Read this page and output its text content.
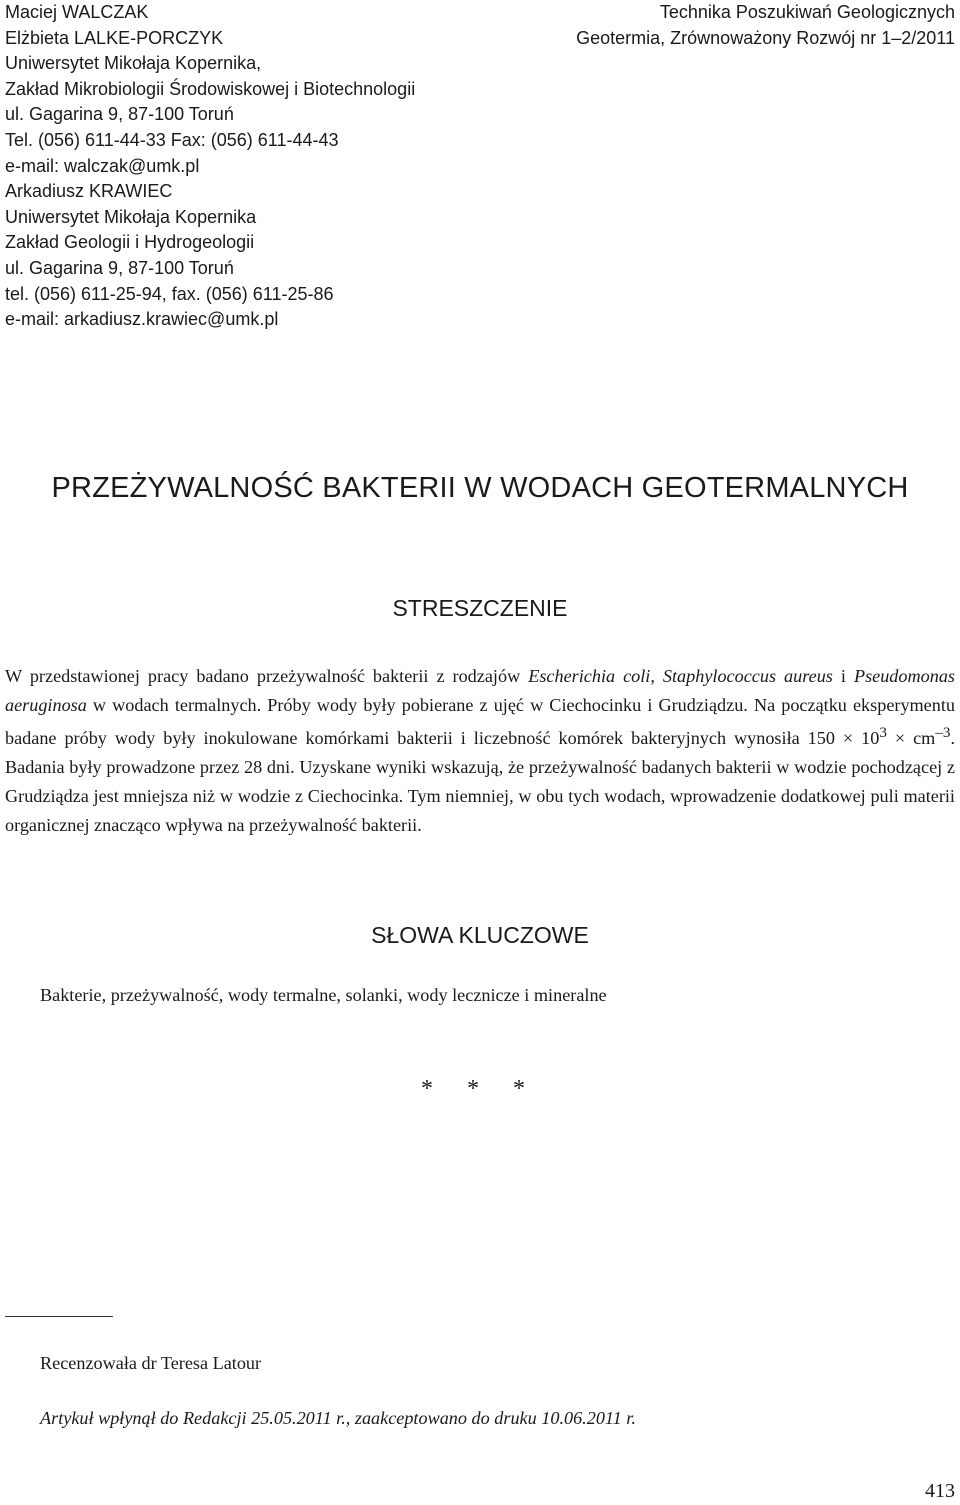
Maciej WALCZAK
Elżbieta LALKE-PORCZYK
Uniwersytet Mikołaja Kopernika,
Zakład Mikrobiologii Środowiskowej i Biotechnologii
ul. Gagarina 9, 87-100 Toruń
Tel. (056) 611-44-33 Fax: (056) 611-44-43
e-mail: walczak@umk.pl
Arkadiusz KRAWIEC
Uniwersytet Mikołaja Kopernika
Zakład Geologii i Hydrogeologii
ul. Gagarina 9, 87-100 Toruń
tel. (056) 611-25-94, fax. (056) 611-25-86
e-mail: arkadiusz.krawiec@umk.pl
Technika Poszukiwań Geologicznych
Geotermia, Zrównoważony Rozwój nr 1–2/2011
PRZEŻYWALNOŚĆ BAKTERII W WODACH GEOTERMALNYCH
STRESZCZENIE

W przedstawionej pracy badano przeżywalność bakterii z rodzajów Escherichia coli, Staphylococcus aureus i Pseudomonas aeruginosa w wodach termalnych. Próby wody były pobierane z ujęć w Ciechocinku i Grudziądzu. Na początku eksperymentu badane próby wody były inokulowane komórkami bakterii i liczebność komórek bakteryjnych wynosiła $150 \times 10^3 \times cm^{-3}$. Badania były prowadzone przez 28 dni. Uzyskane wyniki wskazują, że przeżywalność badanych bakterii w wodzie pochodzącej z Grudziądza jest mniejsza niż w wodzie z Ciechocinka. Tym niemniej, w obu tych wodach, wprowadzenie dodatkowej puli materii organicznej znacząco wpływa na przeżywalność bakterii.

SŁOWA KLUCZOWE
Bakterie, przeżywalność, wody termalne, solanki, wody lecznicze i mineralne
* * *
Recenzowała dr Teresa Latour
Artykuł wpłynął do Redakcji 25.05.2011 r., zaakceptowano do druku 10.06.2011 r.
413
